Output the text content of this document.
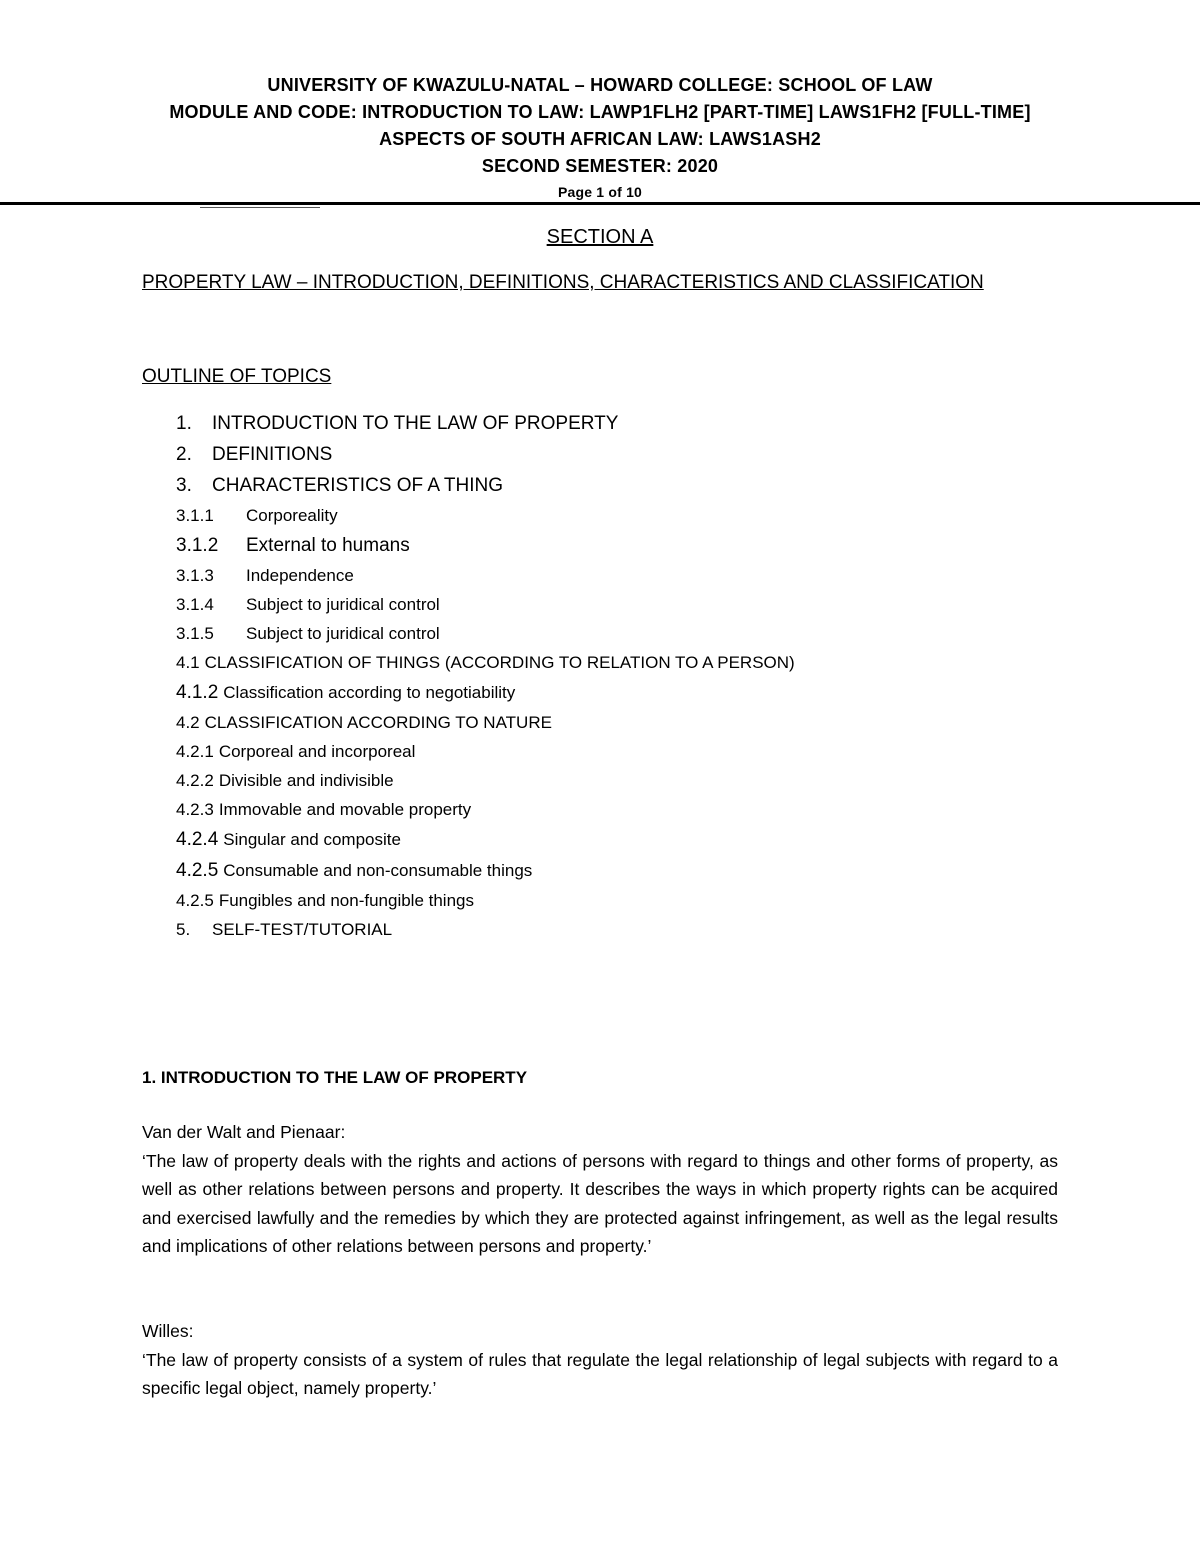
UNIVERSITY OF KWAZULU-NATAL – HOWARD COLLEGE: SCHOOL OF LAW
MODULE AND CODE: INTRODUCTION TO LAW: LAWP1FLH2 [PART-TIME] LAWS1FH2 [FULL-TIME]
ASPECTS OF SOUTH AFRICAN LAW: LAWS1ASH2
SECOND SEMESTER: 2020
Page 1 of 10
SECTION A
PROPERTY LAW – INTRODUCTION, DEFINITIONS, CHARACTERISTICS AND CLASSIFICATION
OUTLINE OF TOPICS
1.	INTRODUCTION TO THE LAW OF PROPERTY
2.	DEFINITIONS
3.	CHARACTERISTICS OF A THING
3.1.1	Corporeality
3.1.2	External to humans
3.1.3	Independence
3.1.4	Subject to juridical control
3.1.5	Subject to juridical control
4.1 CLASSIFICATION OF THINGS (ACCORDING TO RELATION TO A PERSON)
4.1.2 Classification according to negotiability
4.2 CLASSIFICATION ACCORDING TO NATURE
4.2.1 Corporeal and incorporeal
4.2.2 Divisible and indivisible
4.2.3 Immovable and movable property
4.2.4 Singular and composite
4.2.5 Consumable and non-consumable things
4.2.5 Fungibles and non-fungible things
5.	SELF-TEST/TUTORIAL
1. INTRODUCTION TO THE LAW OF PROPERTY
Van der Walt and Pienaar:
‘The law of property deals with the rights and actions of persons with regard to things and other forms of property, as well as other relations between persons and property. It describes the ways in which property rights can be acquired and exercised lawfully and the remedies by which they are protected against infringement, as well as the legal results and implications of other relations between persons and property.’
Willes:
‘The law of property consists of a system of rules that regulate the legal relationship of legal subjects with regard to a specific legal object, namely property.’
